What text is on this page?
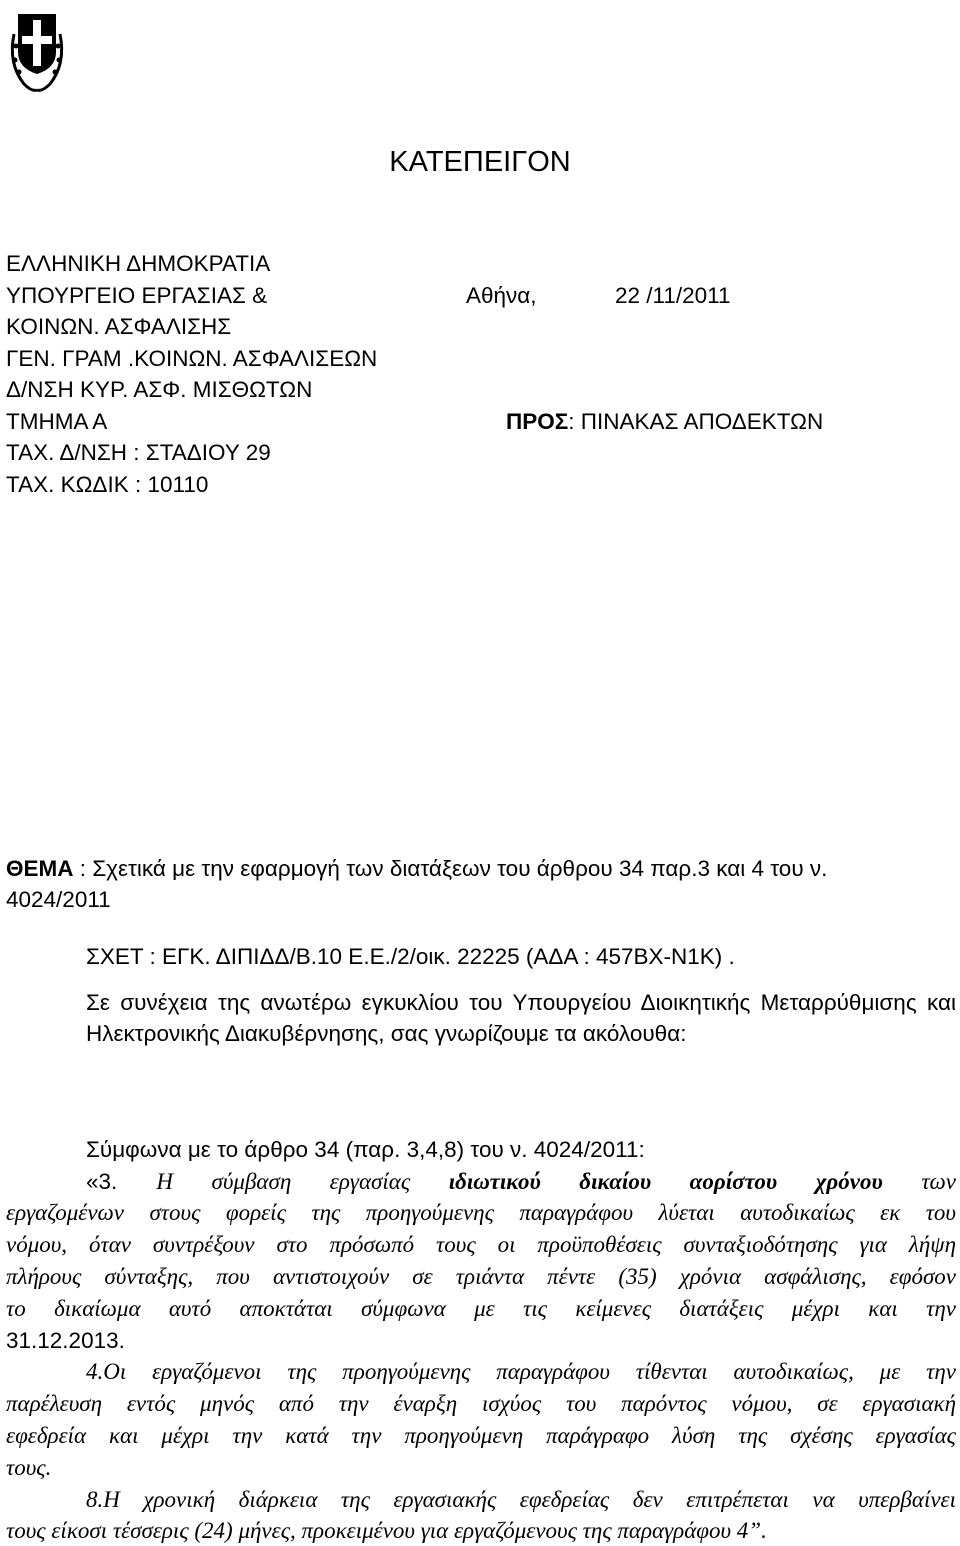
ΚΑΤΕΠΕΙΓΟΝ
ΕΛΛΗΝΙΚΗ ΔΗΜΟΚΡΑΤΙΑ
ΥΠΟΥΡΓΕΙΟ ΕΡΓΑΣΙΑΣ &
ΚΟΙΝΩΝ. ΑΣΦΑΛΙΣΗΣ
ΓΕΝ. ΓΡΑΜ .ΚΟΙΝΩΝ. ΑΣΦΑΛΙΣΕΩΝ
Δ/ΝΣΗ ΚΥΡ. ΑΣΦ. ΜΙΣΘΩΤΩΝ
ΤΜΗΜΑ Α
ΤΑΧ. Δ/ΝΣΗ : ΣΤΑΔΙΟΥ 29
ΤΑΧ. ΚΩΔΙΚ : 10110
Αθήνα,	22 /11/2011
ΠΡΟΣ: ΠΙΝΑΚΑΣ ΑΠΟΔΕΚΤΩΝ
ΘΕΜΑ : Σχετικά με την εφαρμογή των διατάξεων του άρθρου 34 παρ.3 και 4 του ν.
4024/2011
ΣΧΕΤ : ΕΓΚ. ΔΙΠΙΔΔ/Β.10 Ε.Ε./2/οικ. 22225 (ΑΔΑ : 457ΒΧ-Ν1Κ) .
Σε συνέχεια της ανωτέρω εγκυκλίου του Υπουργείου Διοικητικής Μεταρρύθμισης και Ηλεκτρονικής Διακυβέρνησης, σας γνωρίζουμε τα ακόλουθα:
Σύμφωνα με το άρθρο 34 (παρ. 3,4,8) του ν. 4024/2011:
«3. Η σύμβαση εργασίας ιδιωτικού δικαίου αορίστου χρόνου των
εργαζομένων στους φορείς της προηγούμενης παραγράφου λύεται αυτοδικαίως εκ του
νόμου, όταν συντρέξουν στο πρόσωπό τους οι προϋποθέσεις συνταξιοδότησης για λήψη
πλήρους σύνταξης, που αντιστοιχούν σε τριάντα πέντε (35) χρόνια ασφάλισης, εφόσον
το δικαίωμα αυτό αποκτάται σύμφωνα με τις κείμενες διατάξεις μέχρι και την
31.12.2013.
4.Οι εργαζόμενοι της προηγούμενης παραγράφου τίθενται αυτοδικαίως, με την
παρέλευση εντός μηνός από την έναρξη ισχύος του παρόντος νόμου, σε εργασιακή
εφεδρεία και μέχρι την κατά την προηγούμενη παράγραφο λύση της σχέσης εργασίας
τους.
8.Η χρονική διάρκεια της εργασιακής εφεδρείας δεν επιτρέπεται να υπερβαίνει
τους είκοσι τέσσερις (24) μήνες, προκειμένου για εργαζόμενους της παραγράφου 4”.
